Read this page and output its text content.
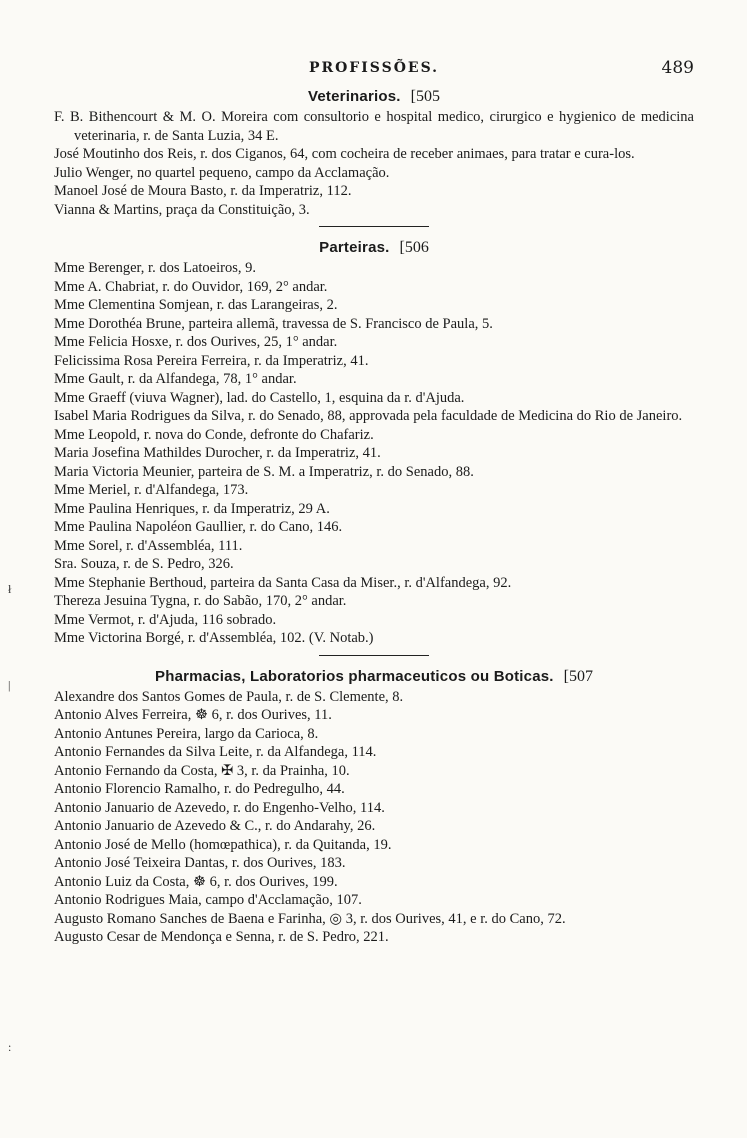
PROFISSÕES.	489
Veterinarios. [505
F. B. Bithencourt & M. O. Moreira com consultorio e hospital medico, cirurgico e hygienico de medicina veterinaria, r. de Santa Luzia, 34 E.
José Moutinho dos Reis, r. dos Ciganos, 64, com cocheira de receber animaes, para tratar e cura-los.
Julio Wenger, no quartel pequeno, campo da Acclamação.
Manoel José de Moura Basto, r. da Imperatriz, 112.
Vianna & Martins, praça da Constituição, 3.
Parteiras. [506
Mme Berenger, r. dos Latoeiros, 9.
Mme A. Chabriat, r. do Ouvidor, 169, 2° andar.
Mme Clementina Somjean, r. das Larangeiras, 2.
Mme Dorothéa Brune, parteira allemã, travessa de S. Francisco de Paula, 5.
Mme Felicia Hosxe, r. dos Ourives, 25, 1° andar.
Felicissima Rosa Pereira Ferreira, r. da Imperatriz, 41.
Mme Gault, r. da Alfandega, 78, 1° andar.
Mme Graeff (viuva Wagner), lad. do Castello, 1, esquina da r. d'Ajuda.
Isabel Maria Rodrigues da Silva, r. do Senado, 88, approvada pela faculdade de Medicina do Rio de Janeiro.
Mme Leopold, r. nova do Conde, defronte do Chafariz.
Maria Josefina Mathildes Durocher, r. da Imperatriz, 41.
Maria Victoria Meunier, parteira de S. M. a Imperatriz, r. do Senado, 88.
Mme Meriel, r. d'Alfandega, 173.
Mme Paulina Henriques, r. da Imperatriz, 29 A.
Mme Paulina Napoléon Gaullier, r. do Cano, 146.
Mme Sorel, r. d'Assembléa, 111.
Sra. Souza, r. de S. Pedro, 326.
Mme Stephanie Berthoud, parteira da Santa Casa da Miser., r. d'Alfandega, 92.
Thereza Jesuina Tygna, r. do Sabão, 170, 2° andar.
Mme Vermot, r. d'Ajuda, 116 sobrado.
Mme Victorina Borgé, r. d'Assembléa, 102. (V. Notab.)
Pharmacias, Laboratorios pharmaceuticos ou Boticas. [507
Alexandre dos Santos Gomes de Paula, r. de S. Clemente, 8.
Antonio Alves Ferreira, ☸ 6, r. dos Ourives, 11.
Antonio Antunes Pereira, largo da Carioca, 8.
Antonio Fernandes da Silva Leite, r. da Alfandega, 114.
Antonio Fernando da Costa, ✠ 3, r. da Prainha, 10.
Antonio Florencio Ramalho, r. do Pedregulho, 44.
Antonio Januario de Azevedo, r. do Engenho-Velho, 114.
Antonio Januario de Azevedo & C., r. do Andarahy, 26.
Antonio José de Mello (homœpathica), r. da Quitanda, 19.
Antonio José Teixeira Dantas, r. dos Ourives, 183.
Antonio Luiz da Costa, ☸ 6, r. dos Ourives, 199.
Antonio Rodrigues Maia, campo d'Acclamação, 107.
Augusto Romano Sanches de Baena e Farinha, ◎ 3, r. dos Ourives, 41, e r. do Cano, 72.
Augusto Cesar de Mendonça e Senna, r. de S. Pedro, 221.
ł
|
:
